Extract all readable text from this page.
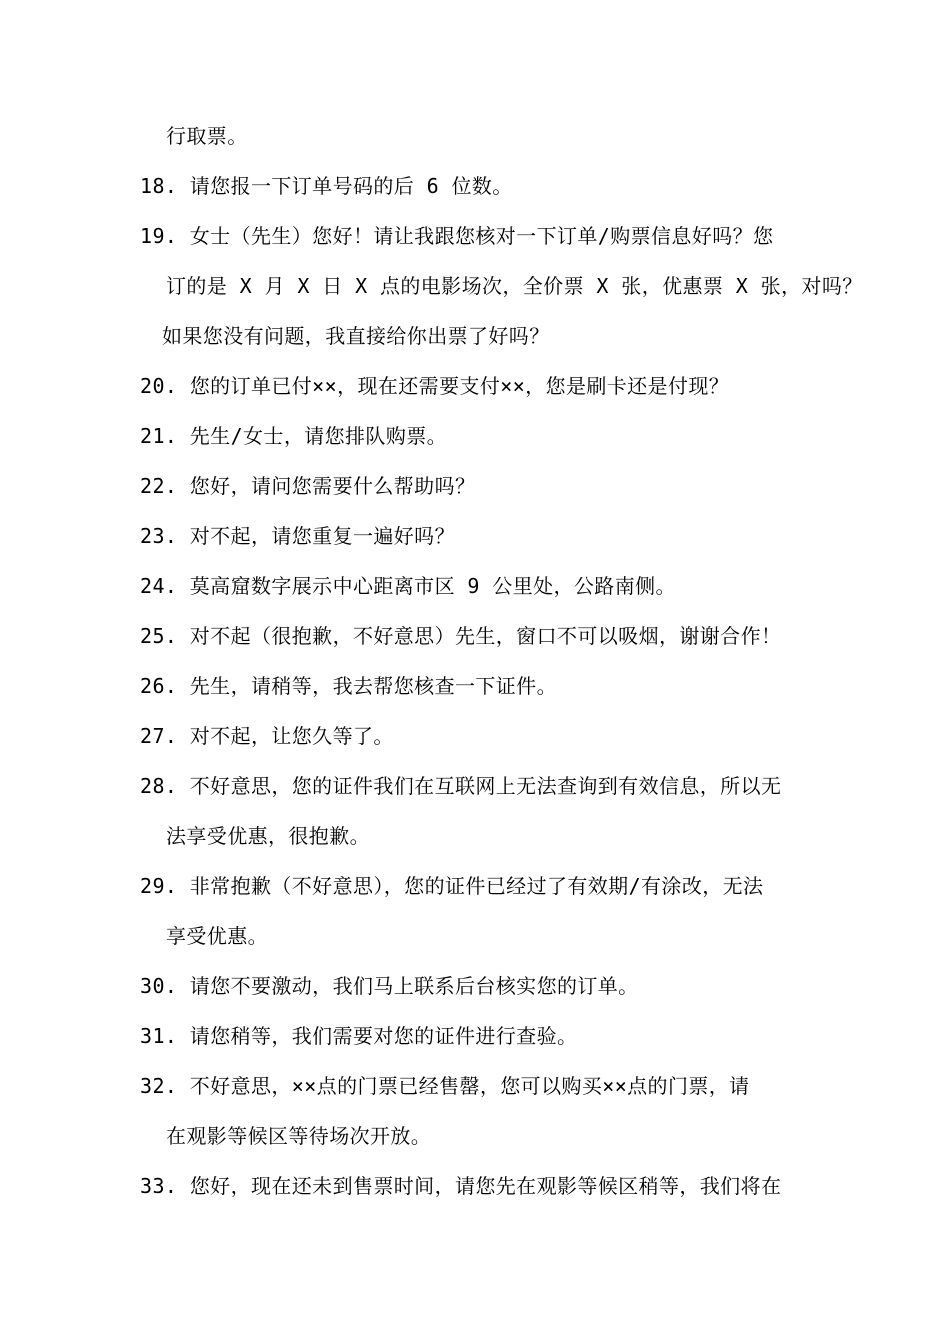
行取票。
18. 请您报一下订单号码的后 6 位数。
19. 女士（先生）您好！请让我跟您核对一下订单/购票信息好吗？您
订的是 X 月 X 日 X 点的电影场次，全价票 X 张，优惠票 X 张，对吗？
如果您没有问题，我直接给你出票了好吗？
20. 您的订单已付××，现在还需要支付××，您是刷卡还是付现？
21. 先生/女士，请您排队购票。
22. 您好，请问您需要什么帮助吗？
23. 对不起，请您重复一遍好吗？
24. 莫高窟数字展示中心距离市区 9 公里处，公路南侧。
25. 对不起（很抱歉，不好意思）先生，窗口不可以吸烟，谢谢合作！
26. 先生，请稍等，我去帮您核查一下证件。
27. 对不起，让您久等了。
28. 不好意思，您的证件我们在互联网上无法查询到有效信息，所以无
法享受优惠，很抱歉。
29. 非常抱歉（不好意思），您的证件已经过了有效期/有涂改，无法
享受优惠。
30. 请您不要激动，我们马上联系后台核实您的订单。
31. 请您稍等，我们需要对您的证件进行查验。
32. 不好意思，××点的门票已经售罄，您可以购买××点的门票，请
在观影等候区等待场次开放。
33. 您好，现在还未到售票时间，请您先在观影等候区稍等，我们将在
